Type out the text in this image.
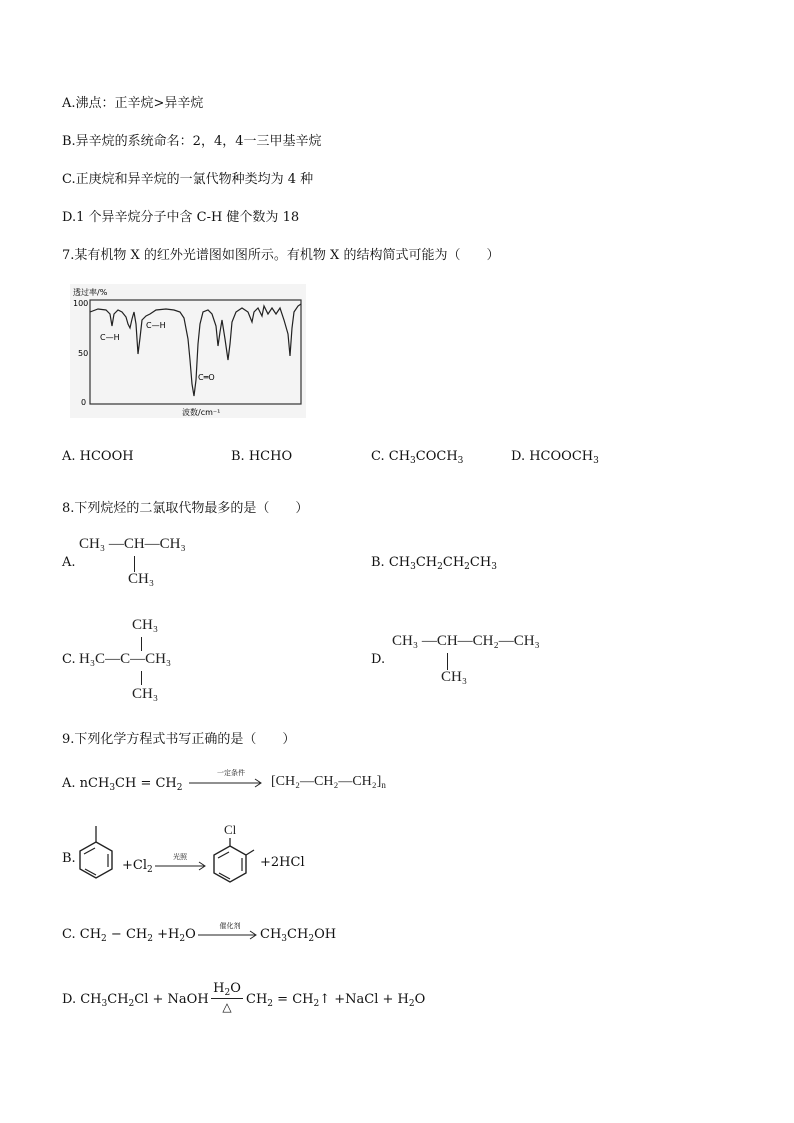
A.沸点：正辛烷>异辛烷
B.异辛烷的系统命名：2，4，4一三甲基辛烷
C.正庚烷和异辛烷的一氯代物种类均为 4 种
D.1 个异辛烷分子中含 C-H 健个数为 18
7.某有机物 X 的红外光谱图如图所示。有机物 X 的结构简式可能为（　　）
透过率/%
100
50
0
C—H
C—H
C═O
波数/cm⁻¹
A. HCOOH	B. HCHO	C. $CH_3COCH_3$	D. $HCOOCH_3$
8.下列烷烃的二氯取代物最多的是（　　）
A.
CH₃ —CH—CH₃
CH₃
B. $CH_3CH_2CH_2CH_3$
C.
CH₃
H₃C—C—CH₃
CH₃
D.
CH₃ —CH—CH₂—CH₃
CH₃
9.下列化学方程式书写正确的是（　　）
A. $nCH_3CH = CH_2$
一定条件
$[CH_2—CH_2—CH_2]_n$
B.	$+Cl_2$
光照
Cl
+2HCl
C. $CH_2 - CH_2 +H_2O$
催化剂
$CH_3CH_2OH$
D. $CH_3CH_2Cl$ + NaOH
$H_2O$
△	$CH_2$ = $CH_2↑$ +NaCl + $H_2O$
